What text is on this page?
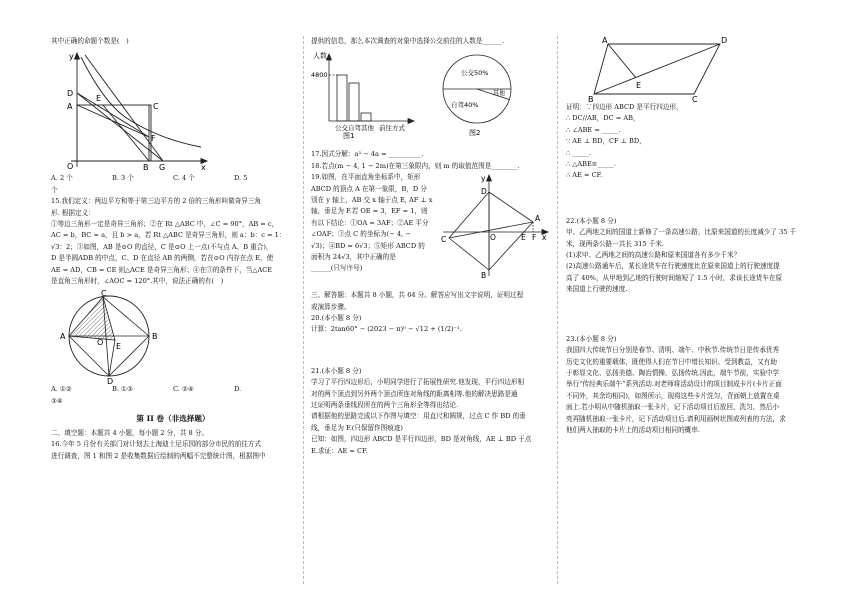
其中正确的命题个数是(　)

y
D
E
A	C
F
O	B G	x
A. 2 个	B. 3 个	C. 4 个	D. 5

个

15.我们定义：两边平方和等于第三边平方的 2 倍的三角形叫做奇异三角

形. 根据定义：

①等边三角形一定是奇异三角形；②在 Rt △ABC 中，∠C = 90°，AB = c，

AC = b，BC = a，且 b > a，若 Rt △ABC 是奇异三角形，则 a：b：c = 1：

√3：2；③如图，AB 是⊙O 的直径，C 是⊙O 上一点(不与点 A、B 重合)，

D 是半圆ADB 的中点，C、D 在直径 AB 的两侧，若在⊙O 内存在点 E，使

AE = AD，CB = CE 则△ACE 是奇异三角形；④在③的条件下，当△ACE

是直角三角形时，∠AOC = 120°.其中，说法正确的有(　)

C
A
O E
B
D
A. ①②	B. ①③	C. ②④	D.

③④

第 II 卷（非选择题）

二、填空题：本题共 4 小题，每小题 2 分，共 8 分。

16.今年 5 月份有关部门对计划去上海迪士尼乐园的部分市民的前往方式

进行调查，图 1 和图 2 是收集数据后绘制的两幅不完整统计图，根据图中

提供的信息，那么本次调查的对象中选择公交前往的人数是______.

人数
4800
公交 自驾 其他 前往方式
图1
公交50%
自驾40%
其他
图2

17.因式分解：a³ − 4a = __________.

18.若点(m − 4, 1 − 2m)在第三象限内，则 m 的取值范围是________.

19.如图，在平面直角坐标系中，矩形

ABCD 的顶点 A 在第一象限，B，D 分

别在 y 轴上，AB 交 x 轴于点 E, AF ⊥ x

轴，垂足为 F.若 OE = 3，EF = 1，则

有以下结论：①OA = 3AF；②AE 平分

∠OAF；③点 C 的坐标为(− 4, −

√3)；④BD = 6√3；⑤矩形 ABCD 的

面积为 24√3，其中正确的是

______(只写序号)

y
A
D
C	O	E F
B
x

三、解答题：本题共 8 小题，共 64 分。解答应写出文字说明，证明过程

或演算步骤。

20.(本小题 8 分)

计算：2tan60° − (2023 − π)⁰ − √12 + (1/2)⁻¹.

21.(本小题 8 分)

学习了平行四边形后，小明同学进行了拓展性研究.他发现，平行四边形相

对的两个顶点到另外两个顶点所连对角线的距离相等.他的解决思路是通

过证明两条垂线段所在的两个三角形全等得出结论.

请根据他的思路完成以下作图与填空：用直尺和圆规，过点 C 作 BD 的垂

线，垂足为 F.(只保留作图痕迹)

已知：如图，四边形 ABCD 是平行四边形，BD 是对角线，AE ⊥ BD 于点

E.求证：AE = CF.

A	D
E
B	C

证明：∵四边形 ABCD 是平行四边形，

∴ DC//AB，DC = AB，

∴ ∠ABE = _____.

∵ AE ⊥ BD，CF ⊥ BD，

∴ _____.

∴ △ABE≌_____.

∴ AE = CF.

22.(本小题 8 分)

甲、乙两地之间的国道上新修了一条高速公路，比原来国道的长度减少了 35 千

米，现两条公路一共长 315 千米.

(1)求甲、乙两地之间的高速公路和原来国道各有多少千米？

(2)高速公路通车后，某长途货车在行驶速度比在原来国道上的行驶速度提

高了 40%，从甲地到乙地的行驶时间缩短了 1.5 小时，求该长途货车在原

来国道上行驶的速度.

23.(本小题 8 分)

我国四大传统节日分别是春节、清明、端午、中秋节.传统节日是传承优秀

历史文化的重要载体，既使得人们在节日中增长知识、受到教益，又有助

于彰显文化、弘扬美德、陶冶情操、弘扬传统.因此，端午节前，实验中学

举行“传经典乐端午”系列活动.对老师将活动设计的项目制成卡片(卡片正面

不同外，其余均相同)，如图所示，现将这些卡片洗匀，背面朝上放置在桌

面上.若小明从中随机抽取一张卡片，记下活动项目后放回，洗匀，然后小

亮再随机抽取一张卡片，记下活动项目后.请利用画树状图或列表的方法，求

他们两人抽取的卡片上的活动项目相同的概率.
